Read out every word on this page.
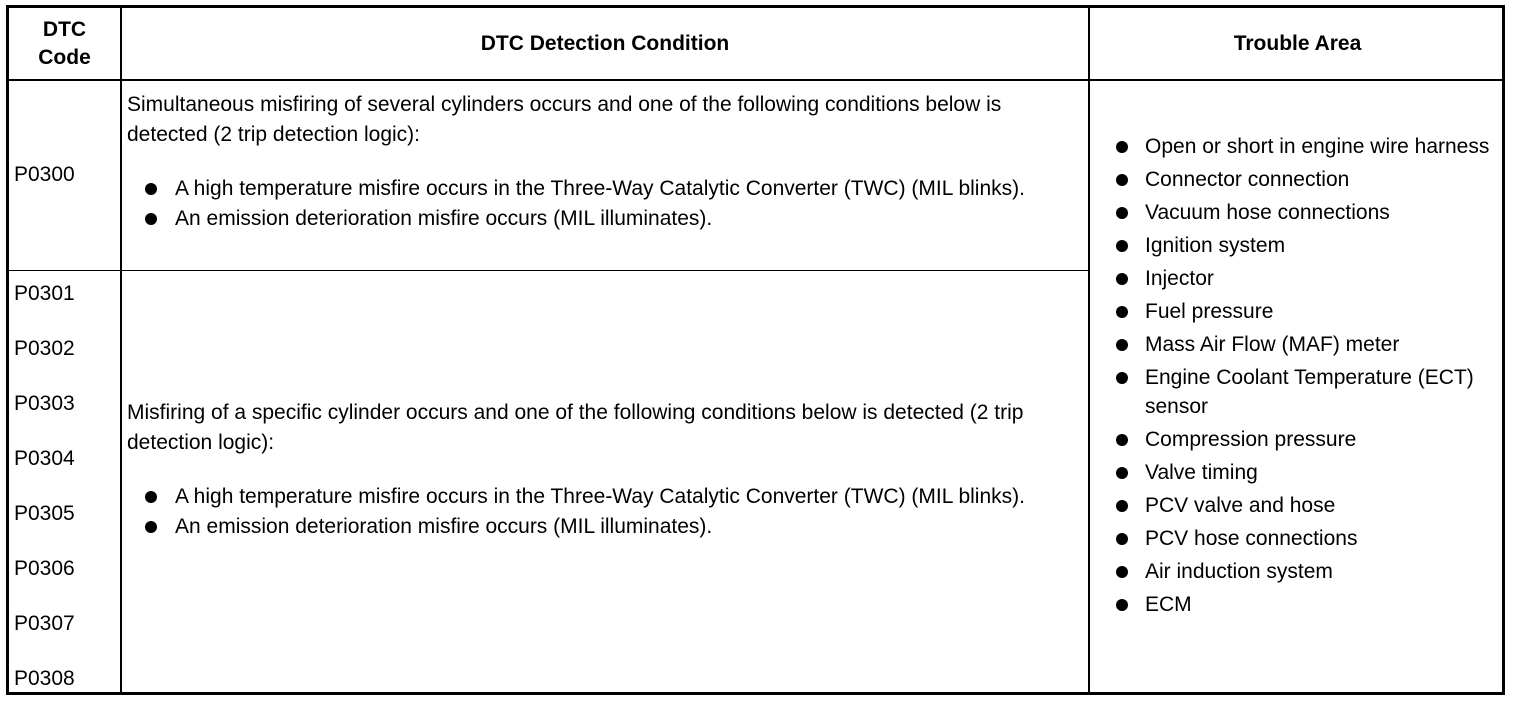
DTC
Code
DTC Detection Condition	Trouble Area
P0300
Simultaneous misfiring of several cylinders occurs and one of the following conditions below is detected (2 trip detection logic):
A high temperature misfire occurs in the Three-Way Catalytic Converter (TWC) (MIL blinks).
An emission deterioration misfire occurs (MIL illuminates).
P0301
P0302
P0303
P0304
P0305
P0306
P0307
P0308
Misfiring of a specific cylinder occurs and one of the following conditions below is detected (2 trip detection logic):
A high temperature misfire occurs in the Three-Way Catalytic Converter (TWC) (MIL blinks).
An emission deterioration misfire occurs (MIL illuminates).
Open or short in engine wire harness
Connector connection
Vacuum hose connections
Ignition system
Injector
Fuel pressure
Mass Air Flow (MAF) meter
Engine Coolant Temperature (ECT) sensor
Compression pressure
Valve timing
PCV valve and hose
PCV hose connections
Air induction system
ECM
